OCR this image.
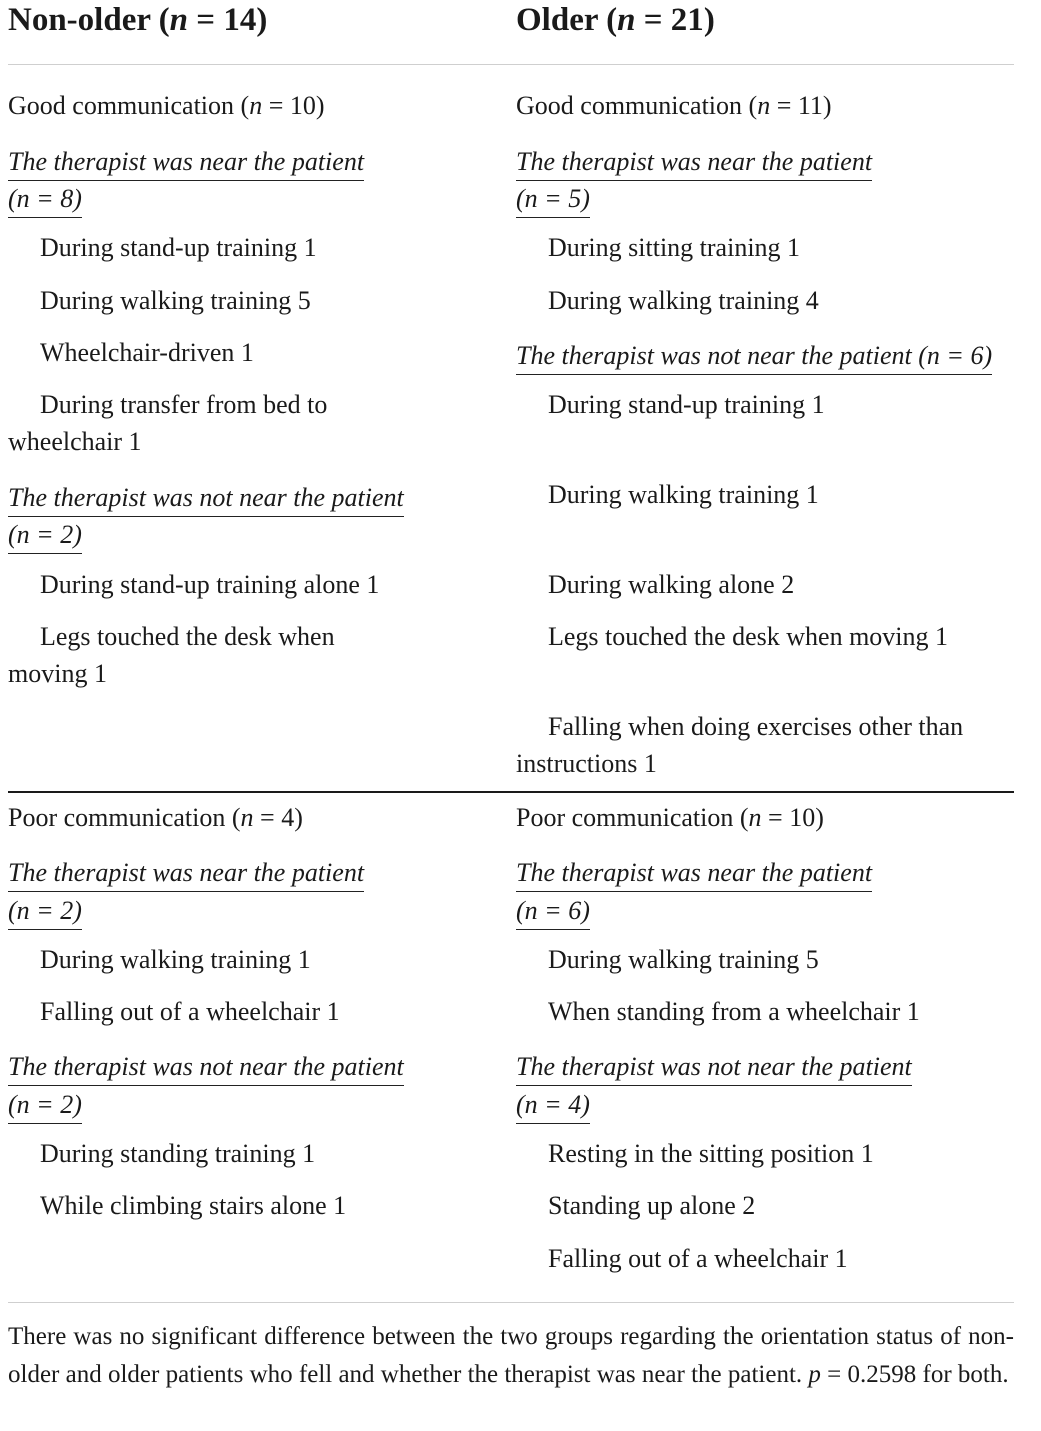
Non-older (n = 14)	Older (n = 21)
Good communication (n = 10)
The therapist was near the patient
(n = 8)
During stand-up training 1
During walking training 5
Wheelchair-driven 1
During transfer from bed to
wheelchair 1
The therapist was not near the patient
(n = 2)
During stand-up training alone 1
Legs touched the desk when
moving 1
Good communication (n = 11)
The therapist was near the patient
(n = 5)
During sitting training 1
During walking training 4
The therapist was not near the patient (n = 6)
During stand-up training 1
During walking training 1
During walking alone 2
Legs touched the desk when moving 1
Falling when doing exercises other than
instructions 1
Poor communication (n = 4)
The therapist was near the patient
(n = 2)
During walking training 1
Falling out of a wheelchair 1
The therapist was not near the patient
(n = 2)
During standing training 1
While climbing stairs alone 1
Poor communication (n = 10)
The therapist was near the patient
(n = 6)
During walking training 5
When standing from a wheelchair 1
The therapist was not near the patient
(n = 4)
Resting in the sitting position 1
Standing up alone 2
Falling out of a wheelchair 1
There was no significant difference between the two groups regarding the orientation status of non-older and older patients who fell and whether the therapist was near the patient. p = 0.2598 for both.
